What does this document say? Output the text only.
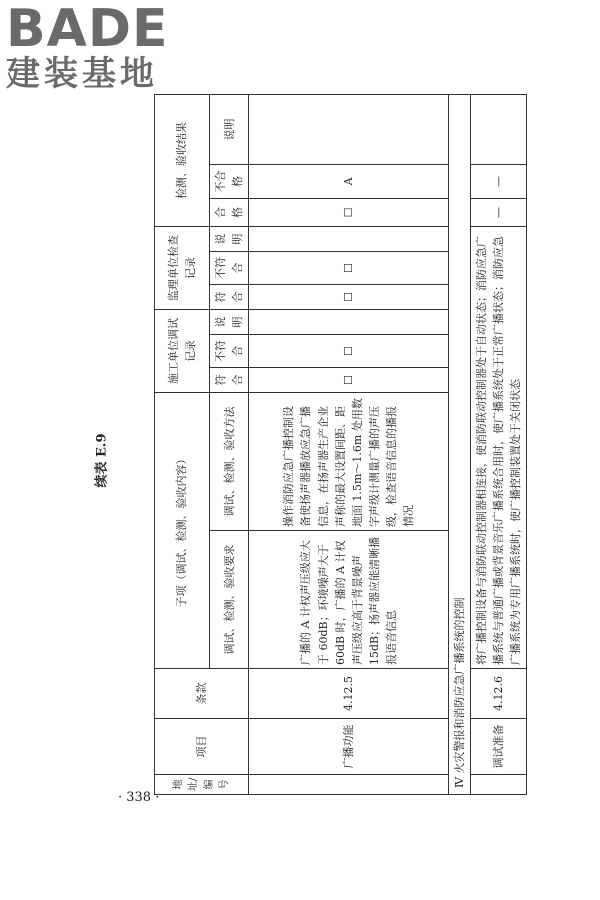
BADE
建装基地
续表 E.9
· 338 ·
地址/编号	项目	条款	子项（调试、检测、验收内容）		施工单位调试记录			监理单位检查记录			检测、验收结果		
			调试、检测、验收要求	调试、检测、验收方法	符合	不符合	说明	符合	不符合	说明	合格	不合格	说明
	广播功能	4.12.5	广播的 A 计权声压级应大于 60dB；环境噪声大于 60dB 时，广播的 A 计权声压级应高于背景噪声 15dB；扬声器应能清晰播报语音信息	操作消防应急广播控制设备使扬声器播放应急广播信息，在扬声器生产企业声称的最大设置间距、距地面 1.5m～1.6m 处用数字声级计测量广播的声压级，检查语音信息的播报情况	☐	☐		☐	☐		☐	A	
Ⅳ 火灾警报和消防应急广播系统的控制													
	调试准备	4.12.6	将广播控制设备与消防联动控制器相连接，使消防联动控制器处于自动状态；消防应急广播系统与普通广播或背景音乐广播系统合用时，使广播系统处于正常广播状态；消防应急广播系统为专用广播系统时，使广播控制装置处于关闭状态								—	—	
